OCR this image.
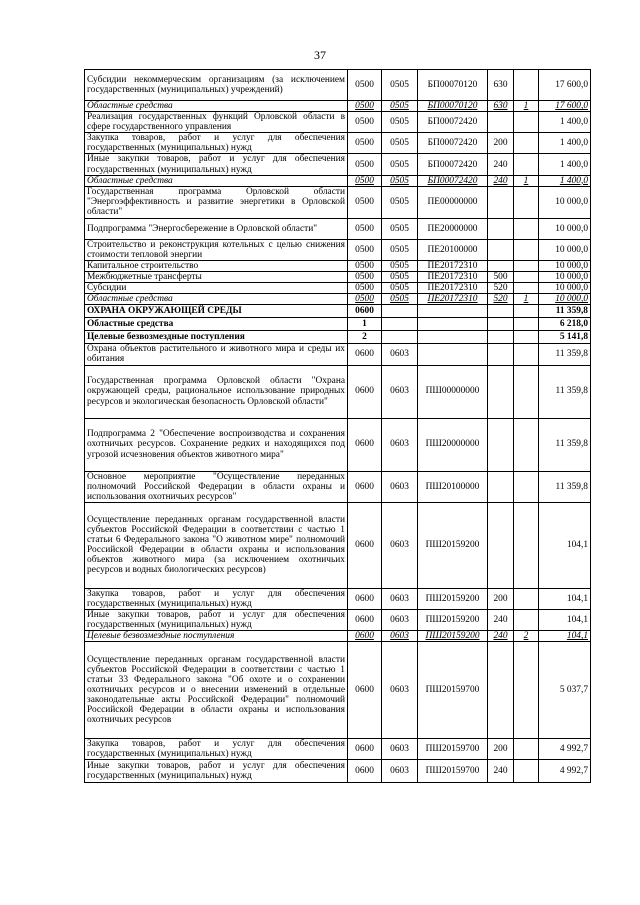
37
Субсидии некоммерческим организациям (за исключением государственных (муниципальных) учреждений)	0500	0505	БП00070120	630		17 600,0
Областные средства	0500	0505	БП00070120	630	1	17 600,0
Реализация государственных функций Орловской области в сфере государственного управления	0500	0505	БП00072420			1 400,0
Закупка товаров, работ и услуг для обеспечения государственных (муниципальных) нужд	0500	0505	БП00072420	200		1 400,0
Иные закупки товаров, работ и услуг для обеспечения государственных (муниципальных) нужд	0500	0505	БП00072420	240		1 400,0
Областные средства	0500	0505	БП00072420	240	1	1 400,0
Государственная программа Орловской области "Энергоэффективность и развитие энергетики в Орловской области"	0500	0505	ПЕ00000000			10 000,0
Подпрограмма "Энергосбережение в Орловской области"	0500	0505	ПЕ20000000			10 000,0
Строительство и реконструкция котельных с целью снижения стоимости тепловой энергии	0500	0505	ПЕ20100000			10 000,0
Капитальное строительство	0500	0505	ПЕ20172310			10 000,0
Межбюджетные трансферты	0500	0505	ПЕ20172310	500		10 000,0
Субсидии	0500	0505	ПЕ20172310	520		10 000,0
Областные средства	0500	0505	ПЕ20172310	520	1	10 000,0
ОХРАНА ОКРУЖАЮЩЕЙ СРЕДЫ	0600					11 359,8
Областные средства	1					6 218,0
Целевые безвозмездные поступления	2					5 141,8
Охрана объектов растительного и животного мира и среды их обитания	0600	0603				11 359,8
Государственная программа Орловской области "Охрана окружающей среды, рациональное использование природных ресурсов и экологическая безопасность Орловской области"	0600	0603	ПШ00000000			11 359,8
Подпрограмма 2 "Обеспечение воспроизводства и сохранения охотничьих ресурсов. Сохранение редких и находящихся под угрозой исчезновения объектов животного мира"	0600	0603	ПШ20000000			11 359,8
Основное мероприятие "Осуществление переданных полномочий Российской Федерации в области охраны и использования охотничьих ресурсов"	0600	0603	ПШ20100000			11 359,8
Осуществление переданных органам государственной власти субъектов Российской Федерации в соответствии с частью 1 статьи 6 Федерального закона "О животном мире" полномочий Российской Федерации в области охраны и использования объектов животного мира (за исключением охотничьих ресурсов и водных биологических ресурсов)	0600	0603	ПШ20159200			104,1
Закупка товаров, работ и услуг для обеспечения государственных (муниципальных) нужд	0600	0603	ПШ20159200	200		104,1
Иные закупки товаров, работ и услуг для обеспечения государственных (муниципальных) нужд	0600	0603	ПШ20159200	240		104,1
Целевые безвозмездные поступления	0600	0603	ПШ20159200	240	2	104,1
Осуществление переданных органам государственной власти субъектов Российской Федерации в соответствии с частью 1 статьи 33 Федерального закона "Об охоте и о сохранении охотничьих ресурсов и о внесении изменений в отдельные законодательные акты Российской Федерации" полномочий Российской Федерации в области охраны и использования охотничьих ресурсов	0600	0603	ПШ20159700			5 037,7
Закупка товаров, работ и услуг для обеспечения государственных (муниципальных) нужд	0600	0603	ПШ20159700	200		4 992,7
Иные закупки товаров, работ и услуг для обеспечения государственных (муниципальных) нужд	0600	0603	ПШ20159700	240		4 992,7
